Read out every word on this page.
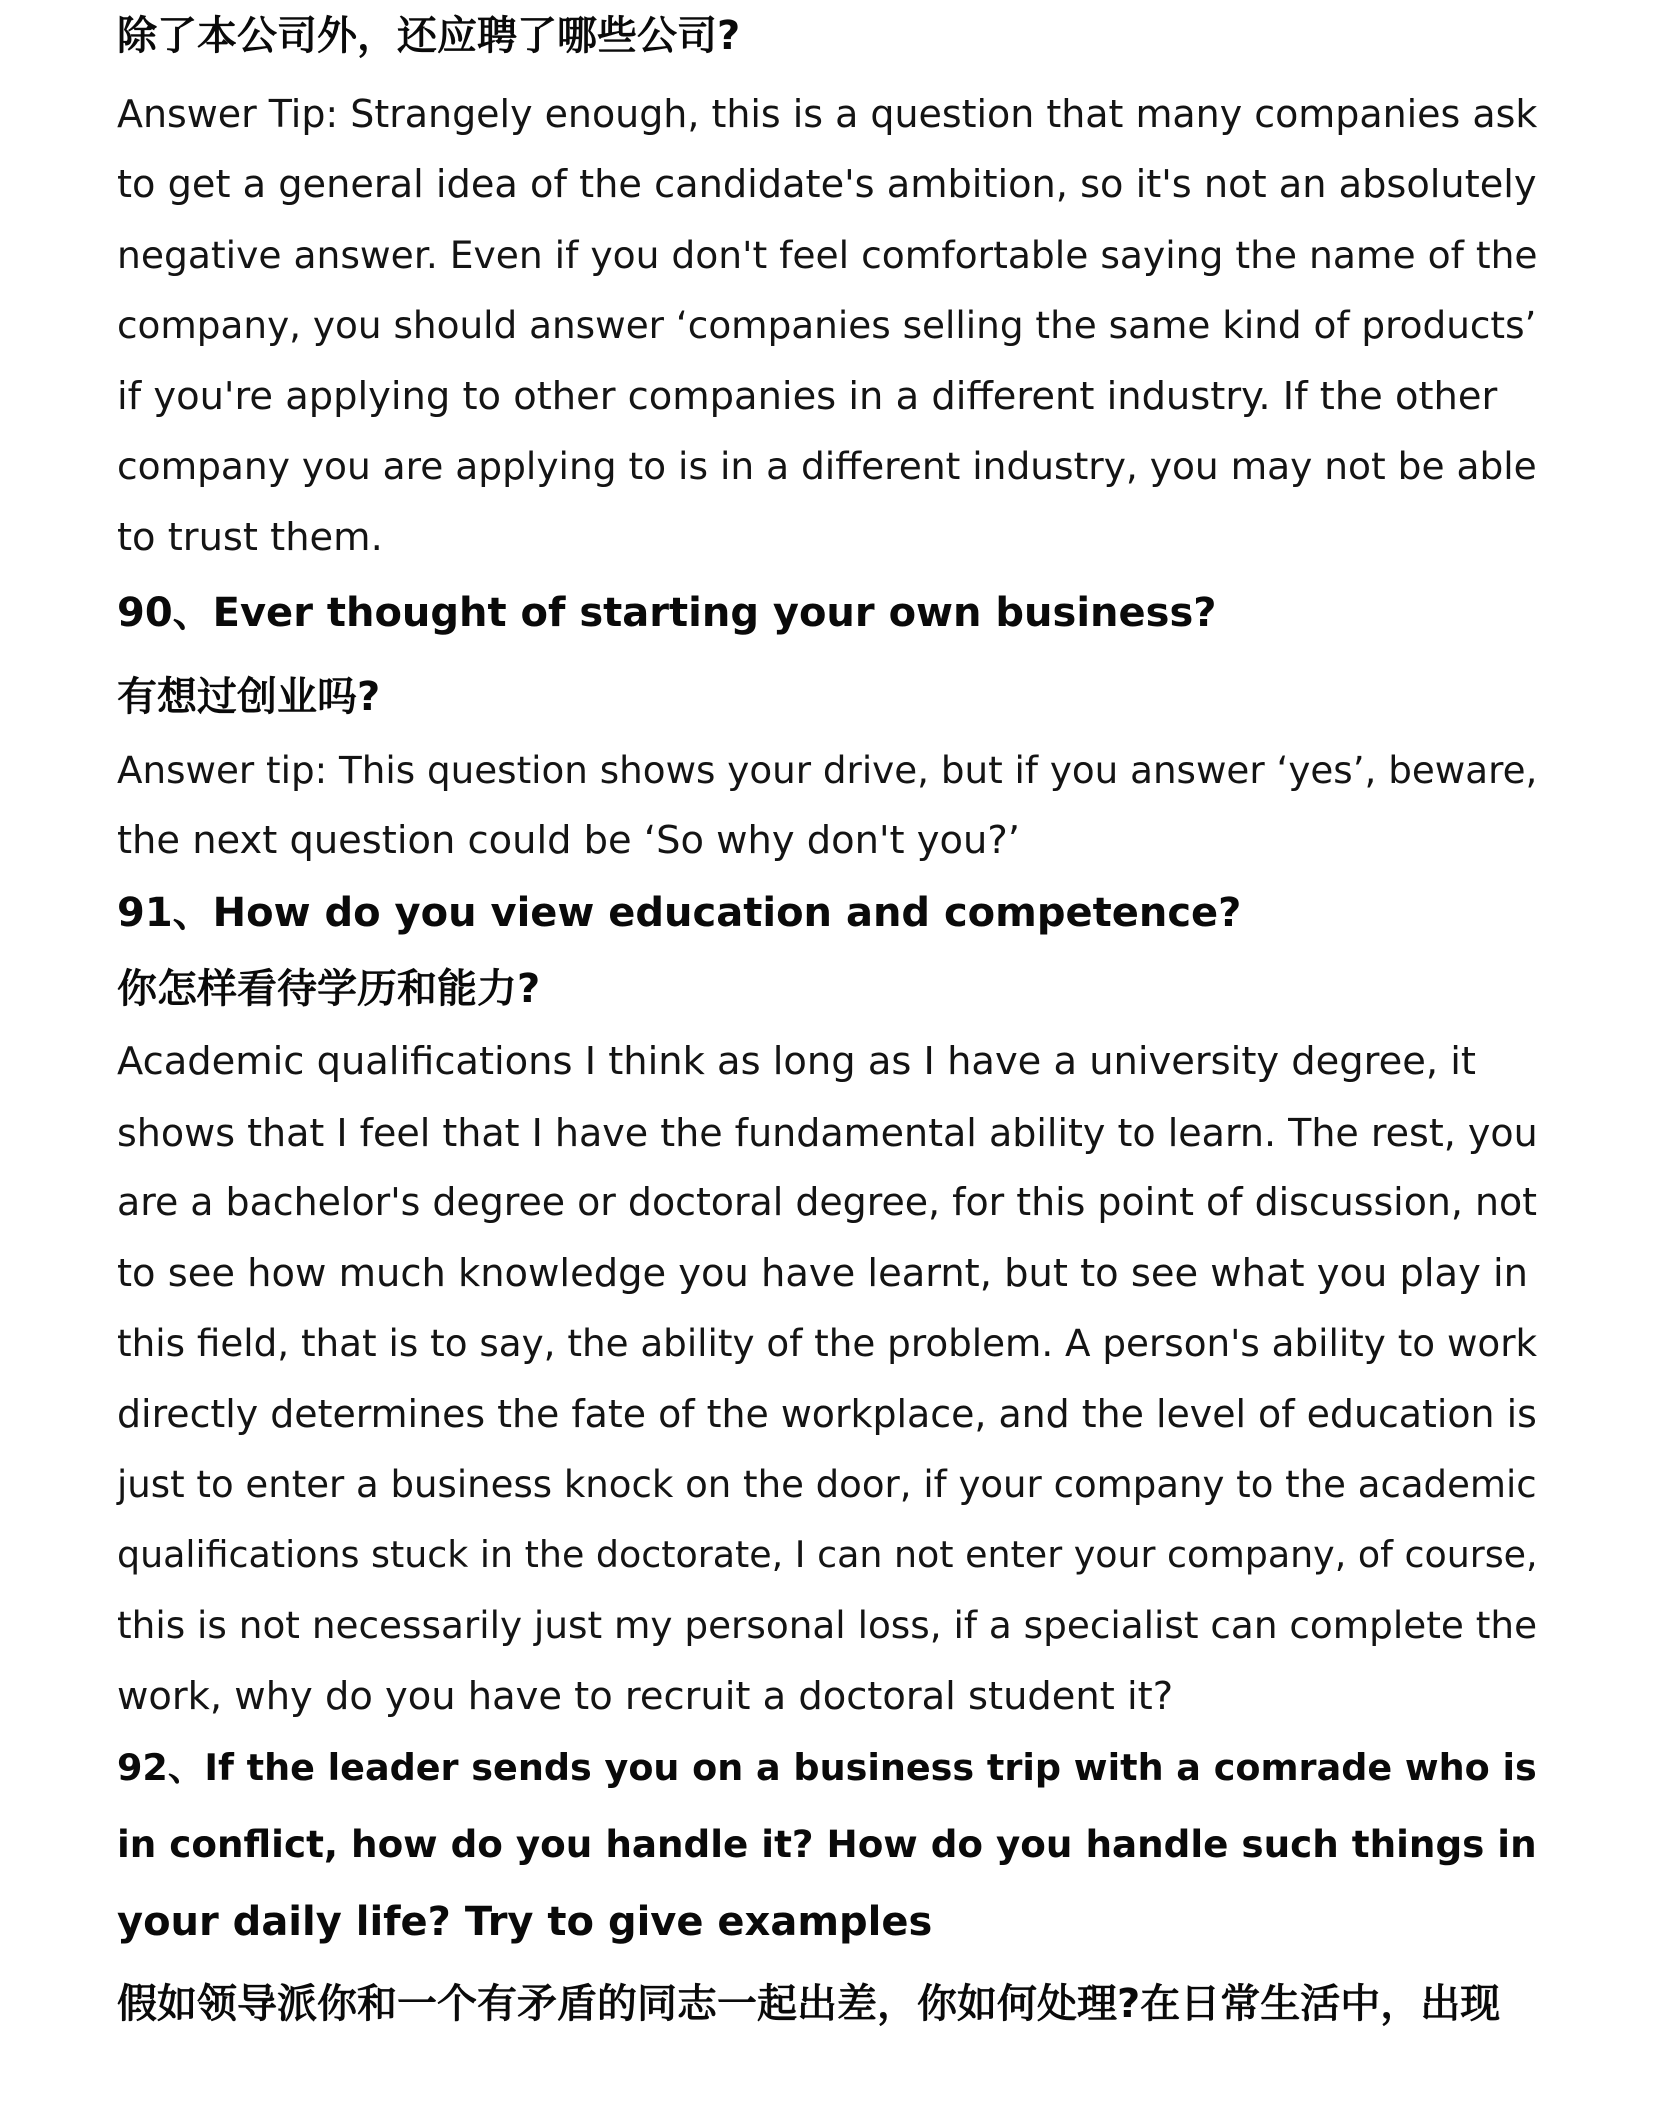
除了本公司外，还应聘了哪些公司?
Answer Tip: Strangely enough, this is a question that many companies ask
to get a general idea of the candidate's ambition, so it's not an absolutely
negative answer. Even if you don't feel comfortable saying the name of the
company, you should answer ‘companies selling the same kind of products’
if you're applying to other companies in a different industry. If the other
company you are applying to is in a different industry, you may not be able
to trust them.
90、Ever thought of starting your own business?
有想过创业吗?
Answer tip: This question shows your drive, but if you answer ‘yes’, beware,
the next question could be ‘So why don't you?’
91、How do you view education and competence?
你怎样看待学历和能力?
Academic qualifications I think as long as I have a university degree, it
shows that I feel that I have the fundamental ability to learn. The rest, you
are a bachelor's degree or doctoral degree, for this point of discussion, not
to see how much knowledge you have learnt, but to see what you play in
this field, that is to say, the ability of the problem. A person's ability to work
directly determines the fate of the workplace, and the level of education is
just to enter a business knock on the door, if your company to the academic
qualifications stuck in the doctorate, I can not enter your company, of course,
this is not necessarily just my personal loss, if a specialist can complete the
work, why do you have to recruit a doctoral student it?
92、If the leader sends you on a business trip with a comrade who is
in conflict, how do you handle it? How do you handle such things in
your daily life? Try to give examples
假如领导派你和一个有矛盾的同志一起出差，你如何处理?在日常生活中，出现
